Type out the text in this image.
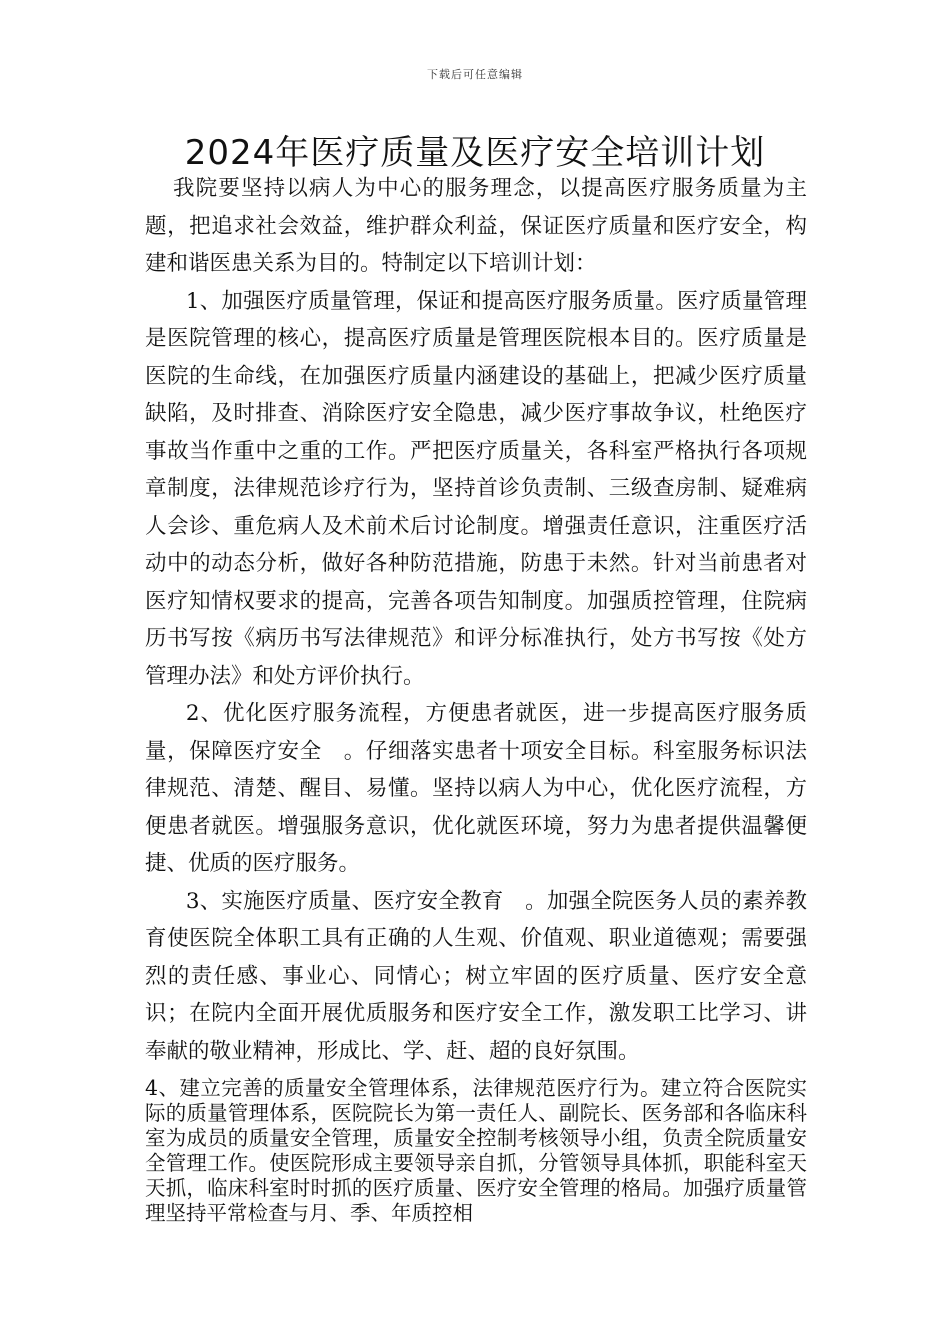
下载后可任意编辑
2024年医疗质量及医疗安全培训计划

我院要坚持以病人为中心的服务理念，以提高医疗服务质量为主题，把追求社会效益，维护群众利益，保证医疗质量和医疗安全，构建和谐医患关系为目的。特制定以下培训计划：

1、加强医疗质量管理，保证和提高医疗服务质量。医疗质量管理是医院管理的核心，提高医疗质量是管理医院根本目的。医疗质量是医院的生命线，在加强医疗质量内涵建设的基础上，把减少医疗质量缺陷，及时排查、消除医疗安全隐患，减少医疗事故争议，杜绝医疗事故当作重中之重的工作。严把医疗质量关，各科室严格执行各项规章制度，法律规范诊疗行为，坚持首诊负责制、三级查房制、疑难病人会诊、重危病人及术前术后讨论制度。增强责任意识，注重医疗活动中的动态分析，做好各种防范措施，防患于未然。针对当前患者对医疗知情权要求的提高，完善各项告知制度。加强质控管理，住院病历书写按《病历书写法律规范》和评分标准执行，处方书写按《处方管理办法》和处方评价执行。

2、优化医疗服务流程，方便患者就医，进一步提高医疗服务质量，保障医疗安全　。仔细落实患者十项安全目标。科室服务标识法律规范、清楚、醒目、易懂。坚持以病人为中心，优化医疗流程，方便患者就医。增强服务意识，优化就医环境，努力为患者提供温馨便捷、优质的医疗服务。

3、实施医疗质量、医疗安全教育　。加强全院医务人员的素养教育使医院全体职工具有正确的人生观、价值观、职业道德观；需要强烈的责任感、事业心、同情心；树立牢固的医疗质量、医疗安全意识；在院内全面开展优质服务和医疗安全工作，激发职工比学习、讲奉献的敬业精神，形成比、学、赶、超的良好氛围。

4、建立完善的质量安全管理体系，法律规范医疗行为。建立符合医院实际的质量管理体系，医院院长为第一责任人、副院长、医务部和各临床科室为成员的质量安全管理，质量安全控制考核领导小组，负责全院质量安全管理工作。使医院形成主要领导亲自抓，分管领导具体抓，职能科室天天抓，临床科室时时抓的医疗质量、医疗安全管理的格局。加强疗质量管理坚持平常检查与月、季、年质控相
